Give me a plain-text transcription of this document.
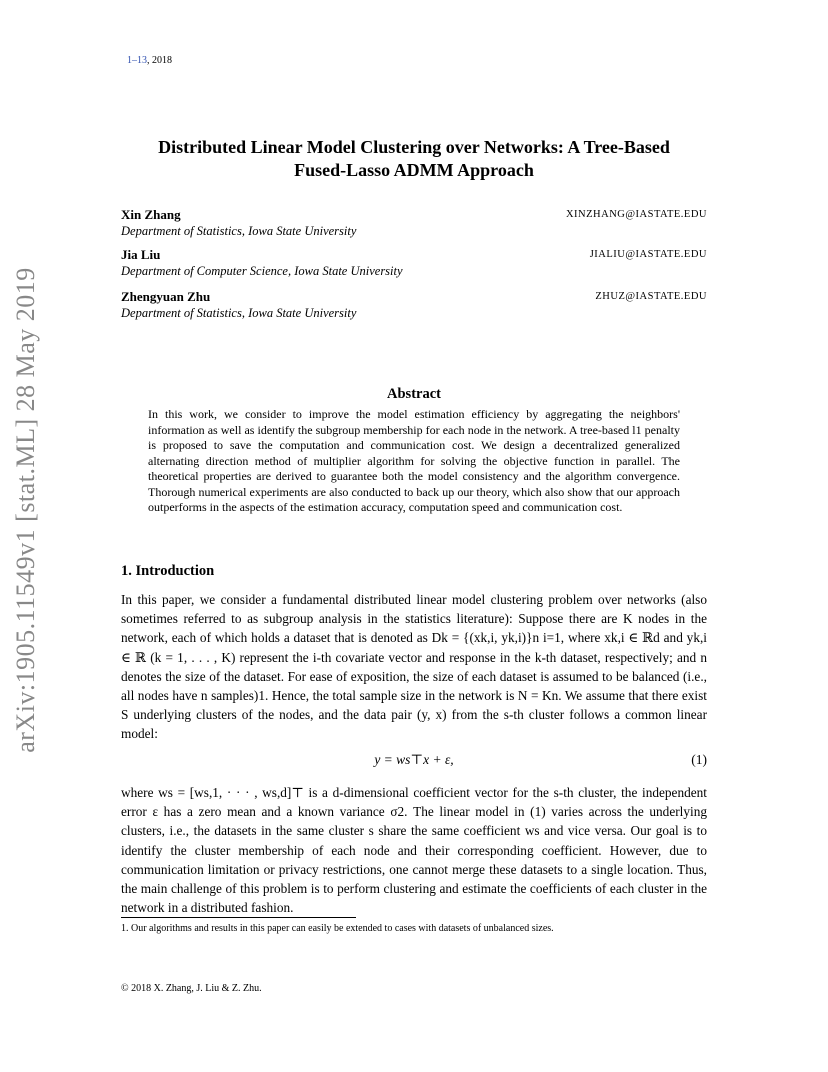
arXiv:1905.11549v1 [stat.ML] 28 May 2019
1–13, 2018
Distributed Linear Model Clustering over Networks: A Tree-Based
Fused-Lasso ADMM Approach
Xin Zhang
Department of Statistics, Iowa State University
XINZHANG@IASTATE.EDU
Jia Liu
Department of Computer Science, Iowa State University
JIALIU@IASTATE.EDU
Zhengyuan Zhu
Department of Statistics, Iowa State University
ZHUZ@IASTATE.EDU
Abstract
In this work, we consider to improve the model estimation efficiency by aggregating the neighbors' information as well as identify the subgroup membership for each node in the network. A tree-based l1 penalty is proposed to save the computation and communication cost. We design a decentralized generalized alternating direction method of multiplier algorithm for solving the objective function in parallel. The theoretical properties are derived to guarantee both the model consistency and the algorithm convergence. Thorough numerical experiments are also conducted to back up our theory, which also show that our approach outperforms in the aspects of the estimation accuracy, computation speed and communication cost.
1. Introduction
In this paper, we consider a fundamental distributed linear model clustering problem over networks (also sometimes referred to as subgroup analysis in the statistics literature): Suppose there are K nodes in the network, each of which holds a dataset that is denoted as Dk = {(xk,i, yk,i)}n i=1, where xk,i ∈ ℝd and yk,i ∈ ℝ (k = 1, . . . , K) represent the i-th covariate vector and response in the k-th dataset, respectively; and n denotes the size of the dataset. For ease of exposition, the size of each dataset is assumed to be balanced (i.e., all nodes have n samples)1. Hence, the total sample size in the network is N = Kn. We assume that there exist S underlying clusters of the nodes, and the data pair (y, x) from the s-th cluster follows a common linear model:
y = ws⊤x + ε,	(1)
where ws = [ws,1, · · · , ws,d]⊤ is a d-dimensional coefficient vector for the s-th cluster, the independent error ε has a zero mean and a known variance σ2. The linear model in (1) varies across the underlying clusters, i.e., the datasets in the same cluster s share the same coefficient ws and vice versa. Our goal is to identify the cluster membership of each node and their corresponding coefficient. However, due to communication limitation or privacy restrictions, one cannot merge these datasets to a single location. Thus, the main challenge of this problem is to perform clustering and estimate the coefficients of each cluster in the network in a distributed fashion.
1. Our algorithms and results in this paper can easily be extended to cases with datasets of unbalanced sizes.
© 2018 X. Zhang, J. Liu & Z. Zhu.
